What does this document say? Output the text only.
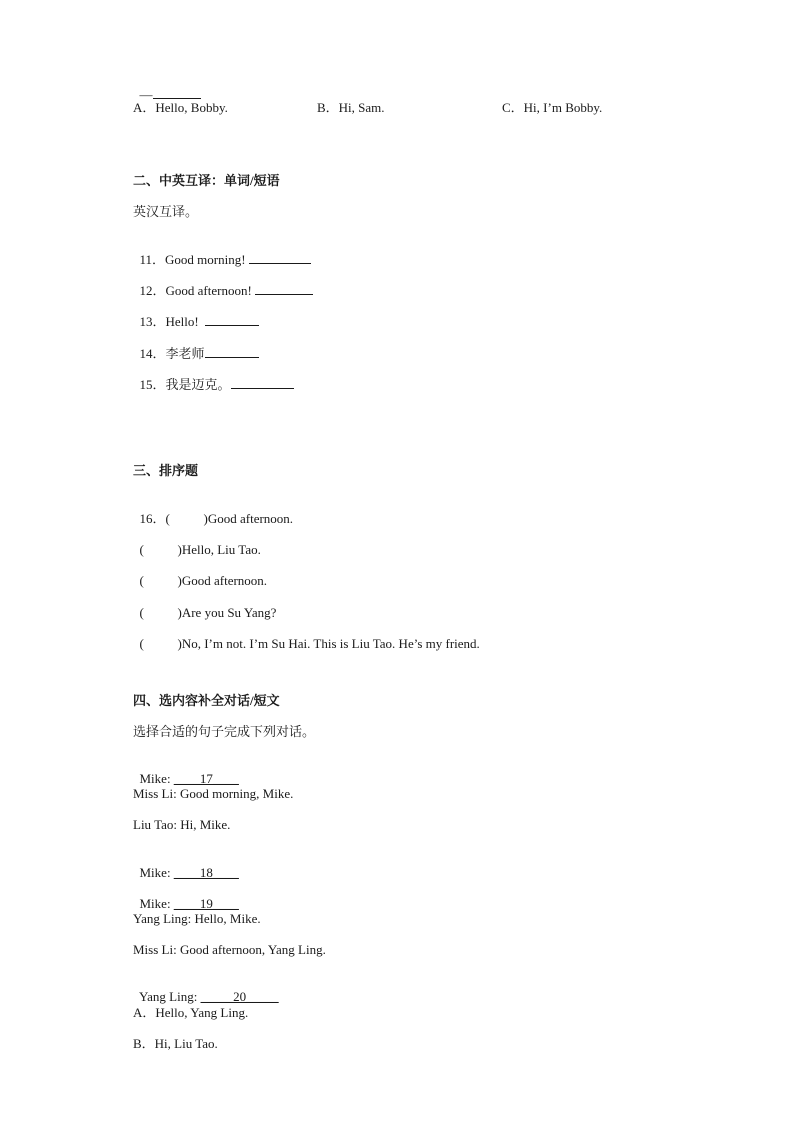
—

A．Hello, Bobby.	B．Hi, Sam.	C．Hi, I’m Bobby.
二、中英互译：单词/短语
英汉互译。

11．Good morning!

12．Good afternoon!

13．Hello!

14．李老师

15．我是迈克。

三、排序题

16．(	)Good afternoon.

(	)Hello, Liu Tao.

(	)Good afternoon.

(	)Are you Su Yang?

(	)No, I’m not. I’m Su Hai. This is Liu Tao. He’s my friend.

四、选内容补全对话/短文
选择合适的句子完成下列对话。

Mike: ____17____

Miss Li: Good morning, Mike.
Liu Tao: Hi, Mike.

Mike: ____18____

Mike: ____19____

Yang Ling: Hello, Mike.
Miss Li: Good afternoon, Yang Ling.

Yang Ling: _____20_____

A．Hello, Yang Ling.
B．Hi, Liu Tao.
